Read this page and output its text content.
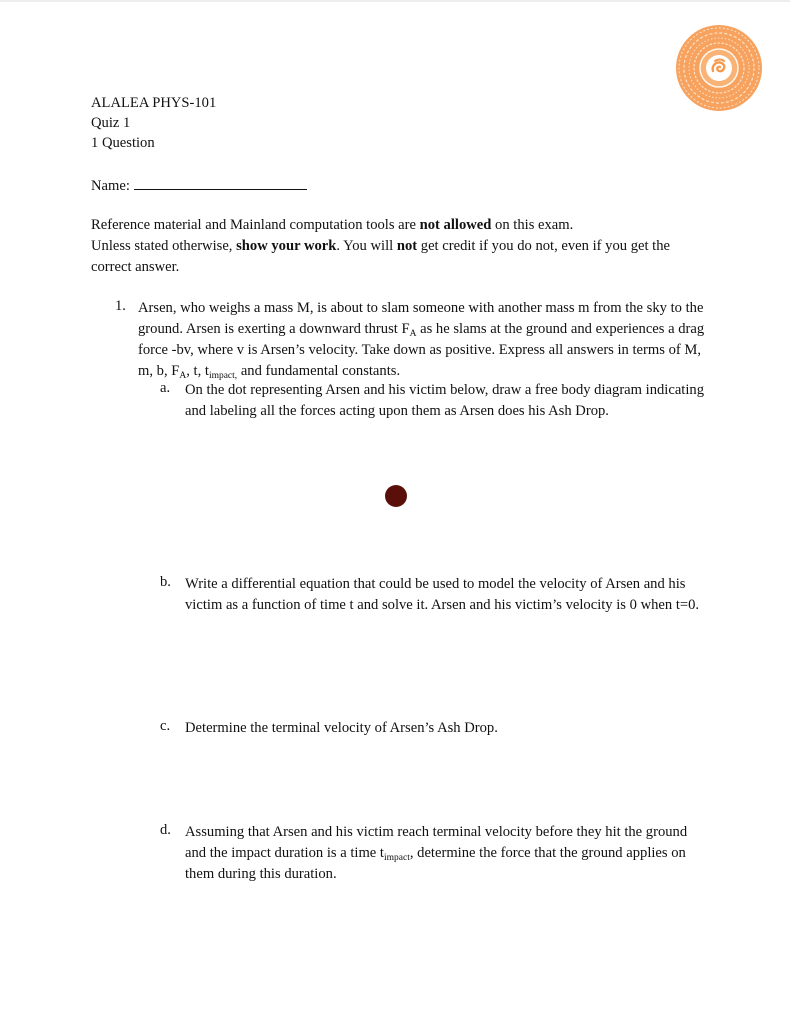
ALALEA PHYS-101
Quiz 1
1 Question
Name:

Reference material and Mainland computation tools are not allowed on this exam.

Unless stated otherwise, show your work. You will not get credit if you do not, even if you get the correct answer.

1. Arsen, who weighs a mass M, is about to slam someone with another mass m from the sky to the ground. Arsen is exerting a downward thrust $F_A$ as he slams at the ground and experiences a drag force -bv, where v is Arsen’s velocity. Take down as positive. Express all answers in terms of M, m, b, $F_A$, t, $t_{impact,}$ and fundamental constants.
a. On the dot representing Arsen and his victim below, draw a free body diagram indicating and labeling all the forces acting upon them as Arsen does his Ash Drop.
b. Write a differential equation that could be used to model the velocity of Arsen and his victim as a function of time t and solve it. Arsen and his victim’s velocity is 0 when t=0.
c. Determine the terminal velocity of Arsen’s Ash Drop.
d. Assuming that Arsen and his victim reach terminal velocity before they hit the ground and the impact duration is a time $t_{impact}$, determine the force that the ground applies on them during this duration.
